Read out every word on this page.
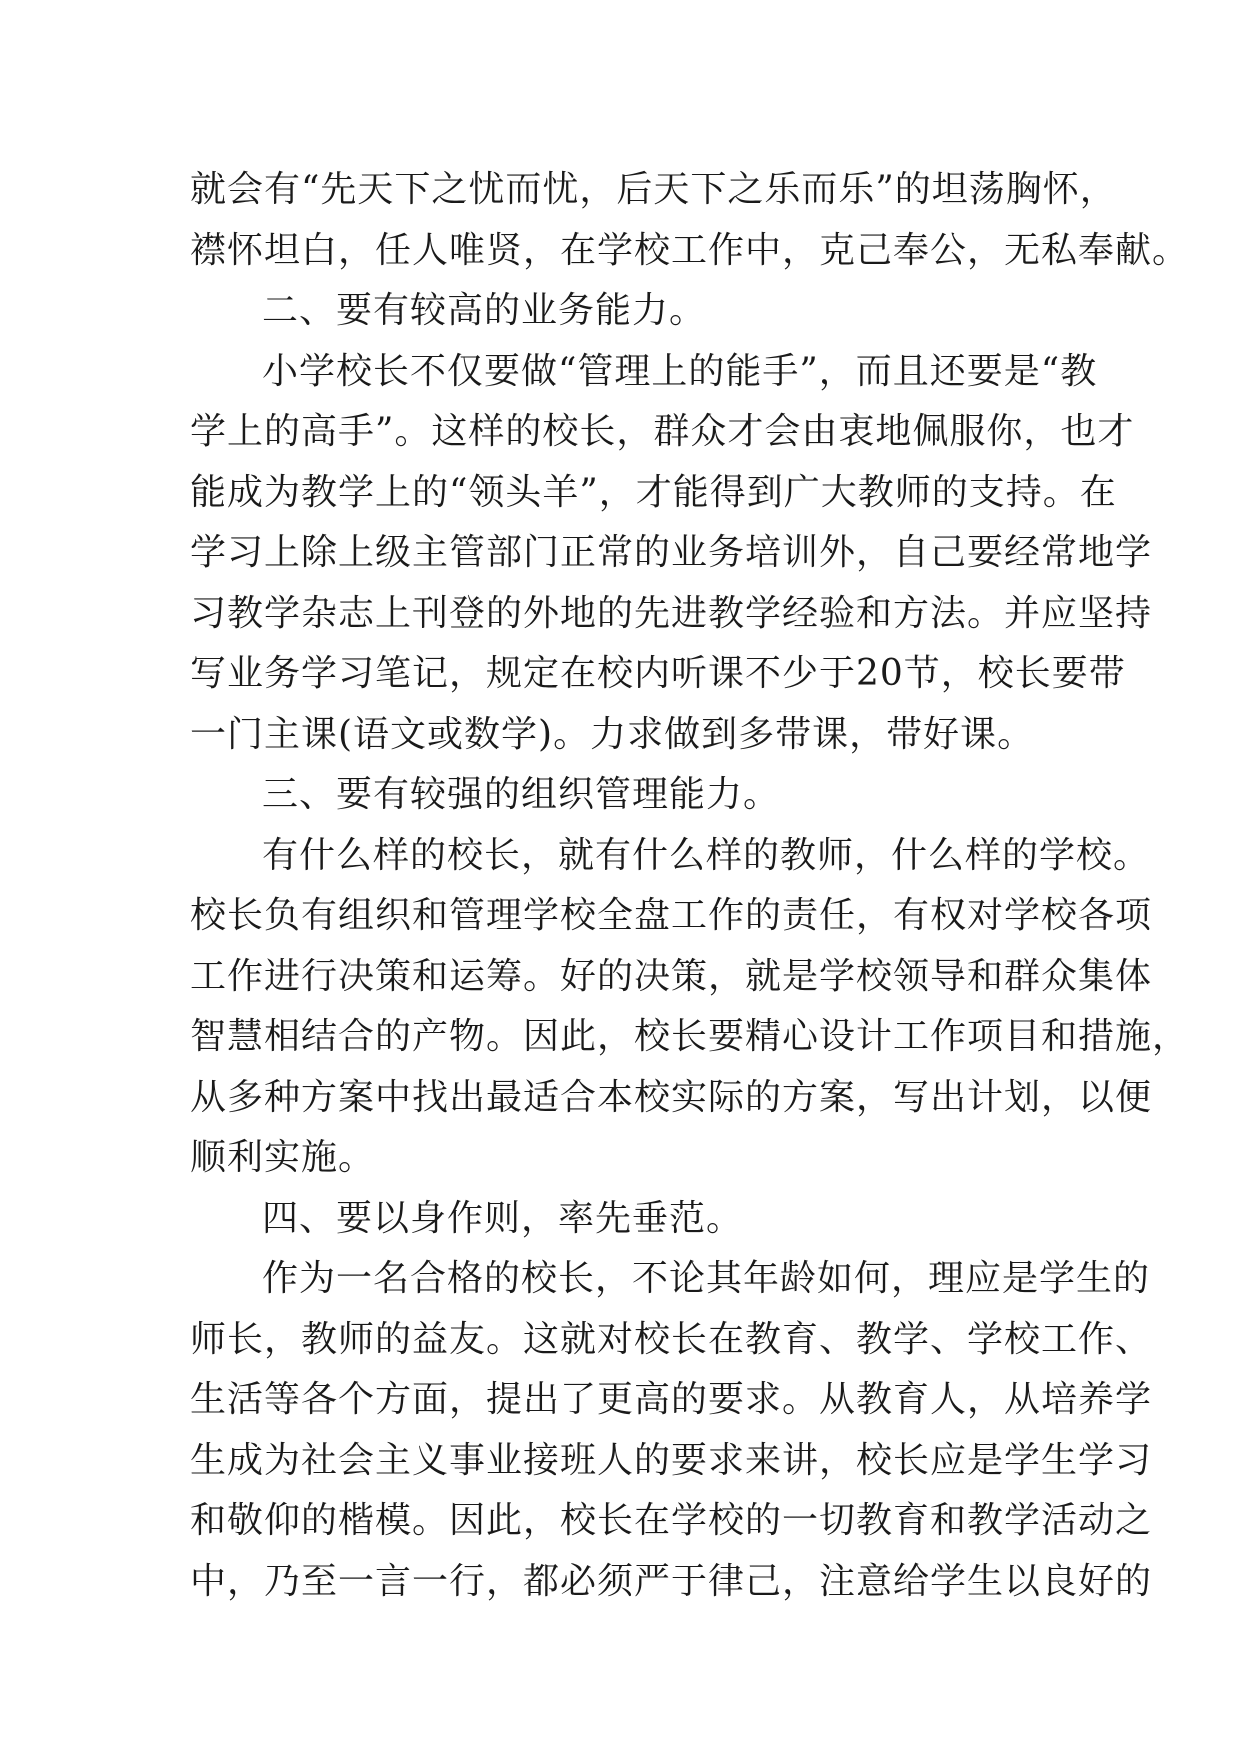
就会有“先天下之忧而忧，后天下之乐而乐”的坦荡胸怀，
襟怀坦白，任人唯贤，在学校工作中，克己奉公，无私奉献。
二、要有较高的业务能力。
小学校长不仅要做“管理上的能手”，而且还要是“教
学上的高手”。这样的校长，群众才会由衷地佩服你，也才
能成为教学上的“领头羊”，才能得到广大教师的支持。在
学习上除上级主管部门正常的业务培训外，自己要经常地学
习教学杂志上刊登的外地的先进教学经验和方法。并应坚持
写业务学习笔记，规定在校内听课不少于20节，校长要带
一门主课(语文或数学)。力求做到多带课，带好课。
三、要有较强的组织管理能力。
有什么样的校长，就有什么样的教师，什么样的学校。
校长负有组织和管理学校全盘工作的责任，有权对学校各项
工作进行决策和运筹。好的决策，就是学校领导和群众集体
智慧相结合的产物。因此，校长要精心设计工作项目和措施，
从多种方案中找出最适合本校实际的方案，写出计划，以便
顺利实施。
四、要以身作则，率先垂范。
作为一名合格的校长，不论其年龄如何，理应是学生的
师长，教师的益友。这就对校长在教育、教学、学校工作、
生活等各个方面，提出了更高的要求。从教育人，从培养学
生成为社会主义事业接班人的要求来讲，校长应是学生学习
和敬仰的楷模。因此，校长在学校的一切教育和教学活动之
中，乃至一言一行，都必须严于律己，注意给学生以良好的
